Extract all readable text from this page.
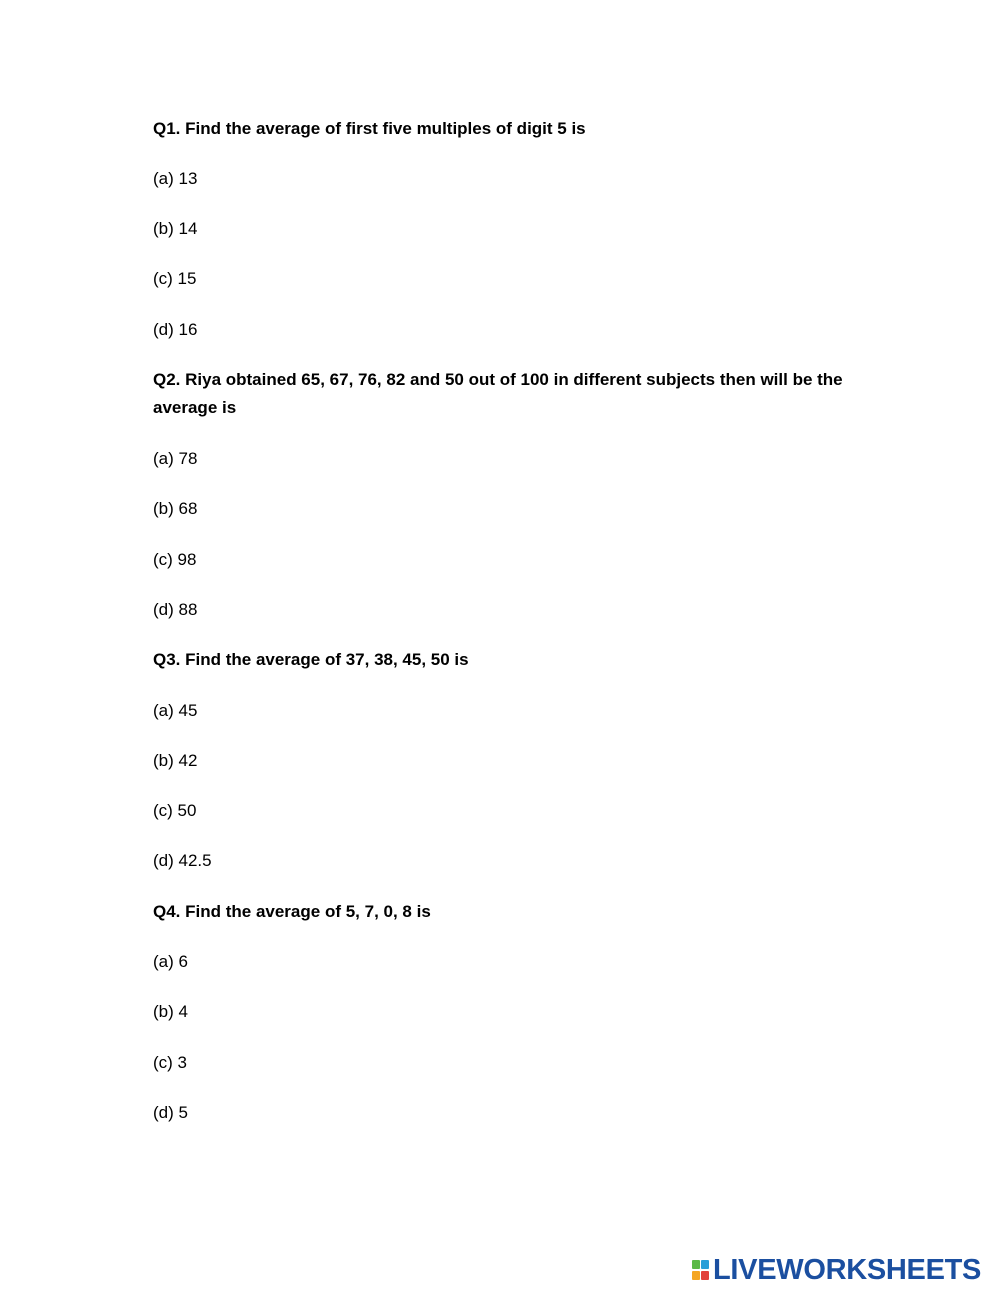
Q1. Find the average of first five multiples of digit 5 is
(a) 13
(b) 14
(c) 15
(d) 16
Q2. Riya obtained 65, 67, 76, 82 and 50 out of 100 in different subjects then will be the average is
(a) 78
(b) 68
(c) 98
(d) 88
Q3. Find the average of 37, 38, 45, 50 is
(a) 45
(b) 42
(c) 50
(d) 42.5
Q4. Find the average of 5, 7, 0, 8 is
(a) 6
(b) 4
(c) 3
(d) 5
LIVEWORKSHEETS
